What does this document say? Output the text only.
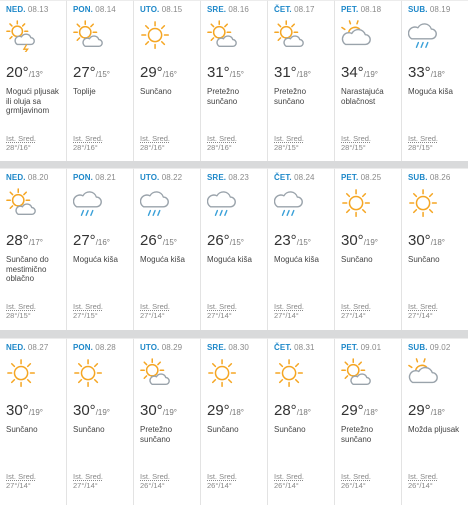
NED. 08.13
20°/13°
Mogući pljusak ili oluja sa grmljavinom
Ist. Sred.
28°/16°
PON. 08.14
27°/15°
Toplije
Ist. Sred.
28°/16°
UTO. 08.15
29°/16°
Sunčano
Ist. Sred.
28°/16°
SRE. 08.16
31°/15°
Pretežno sunčano
Ist. Sred.
28°/16°
ČET. 08.17
31°/18°
Pretežno sunčano
Ist. Sred.
28°/15°
PET. 08.18
34°/19°
Narastajuća oblačnost
Ist. Sred.
28°/15°
SUB. 08.19
33°/18°
Moguća kiša
Ist. Sred.
28°/15°
NED. 08.20
28°/17°
Sunčano do mestimično oblačno
Ist. Sred.
28°/15°
PON. 08.21
27°/16°
Moguća kiša
Ist. Sred.
27°/15°
UTO. 08.22
26°/15°
Moguća kiša
Ist. Sred.
27°/14°
SRE. 08.23
26°/15°
Moguća kiša
Ist. Sred.
27°/14°
ČET. 08.24
23°/15°
Moguća kiša
Ist. Sred.
27°/14°
PET. 08.25
30°/19°
Sunčano
Ist. Sred.
27°/14°
SUB. 08.26
30°/18°
Sunčano
Ist. Sred.
27°/14°
NED. 08.27
30°/19°
Sunčano
Ist. Sred.
27°/14°
PON. 08.28
30°/19°
Sunčano
Ist. Sred.
27°/14°
UTO. 08.29
30°/19°
Pretežno sunčano
Ist. Sred.
26°/14°
SRE. 08.30
29°/18°
Sunčano
Ist. Sred.
26°/14°
ČET. 08.31
28°/18°
Sunčano
Ist. Sred.
26°/14°
PET. 09.01
29°/18°
Pretežno sunčano
Ist. Sred.
26°/14°
SUB. 09.02
29°/18°
Možda pljusak
Ist. Sred.
26°/14°
